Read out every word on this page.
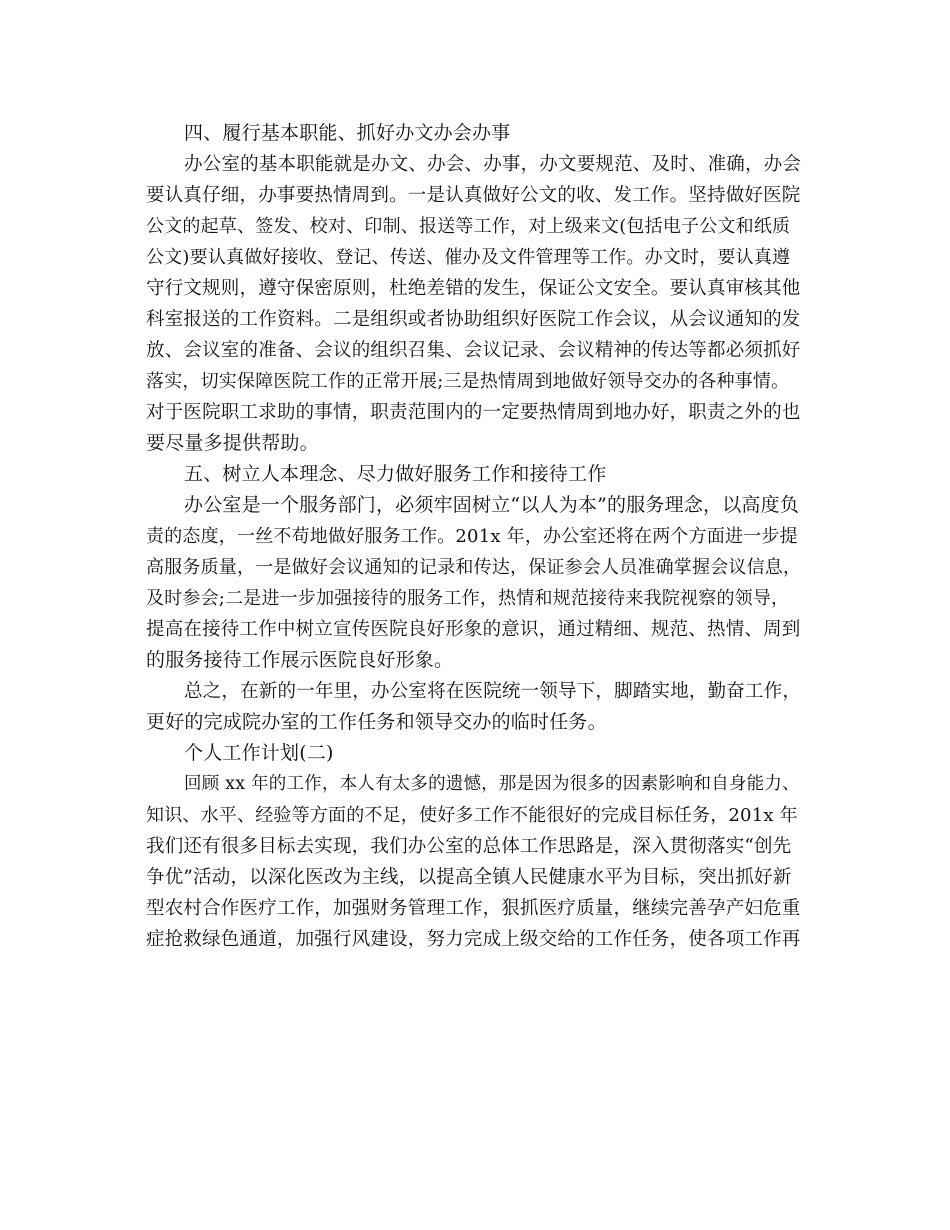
四、履行基本职能、抓好办文办会办事
办公室的基本职能就是办文、办会、办事，办文要规范、及时、准确，办会
要认真仔细，办事要热情周到。一是认真做好公文的收、发工作。坚持做好医院
公文的起草、签发、校对、印制、报送等工作，对上级来文(包括电子公文和纸质
公文)要认真做好接收、登记、传送、催办及文件管理等工作。办文时，要认真遵
守行文规则，遵守保密原则，杜绝差错的发生，保证公文安全。要认真审核其他
科室报送的工作资料。二是组织或者协助组织好医院工作会议，从会议通知的发
放、会议室的准备、会议的组织召集、会议记录、会议精神的传达等都必须抓好
落实，切实保障医院工作的正常开展;三是热情周到地做好领导交办的各种事情。
对于医院职工求助的事情，职责范围内的一定要热情周到地办好，职责之外的也
要尽量多提供帮助。
五、树立人本理念、尽力做好服务工作和接待工作
办公室是一个服务部门，必须牢固树立“以人为本”的服务理念，以高度负
责的态度，一丝不苟地做好服务工作。201x 年，办公室还将在两个方面进一步提
高服务质量，一是做好会议通知的记录和传达，保证参会人员准确掌握会议信息，
及时参会;二是进一步加强接待的服务工作，热情和规范接待来我院视察的领导，
提高在接待工作中树立宣传医院良好形象的意识，通过精细、规范、热情、周到
的服务接待工作展示医院良好形象。
总之，在新的一年里，办公室将在医院统一领导下，脚踏实地，勤奋工作，
更好的完成院办室的工作任务和领导交办的临时任务。
个人工作计划(二)
回顾 xx 年的工作，本人有太多的遗憾，那是因为很多的因素影响和自身能力、
知识、水平、经验等方面的不足，使好多工作不能很好的完成目标任务，201x 年
我们还有很多目标去实现，我们办公室的总体工作思路是，深入贯彻落实“创先
争优”活动，以深化医改为主线，以提高全镇人民健康水平为目标，突出抓好新
型农村合作医疗工作，加强财务管理工作，狠抓医疗质量，继续完善孕产妇危重
症抢救绿色通道，加强行风建设，努力完成上级交给的工作任务，使各项工作再
